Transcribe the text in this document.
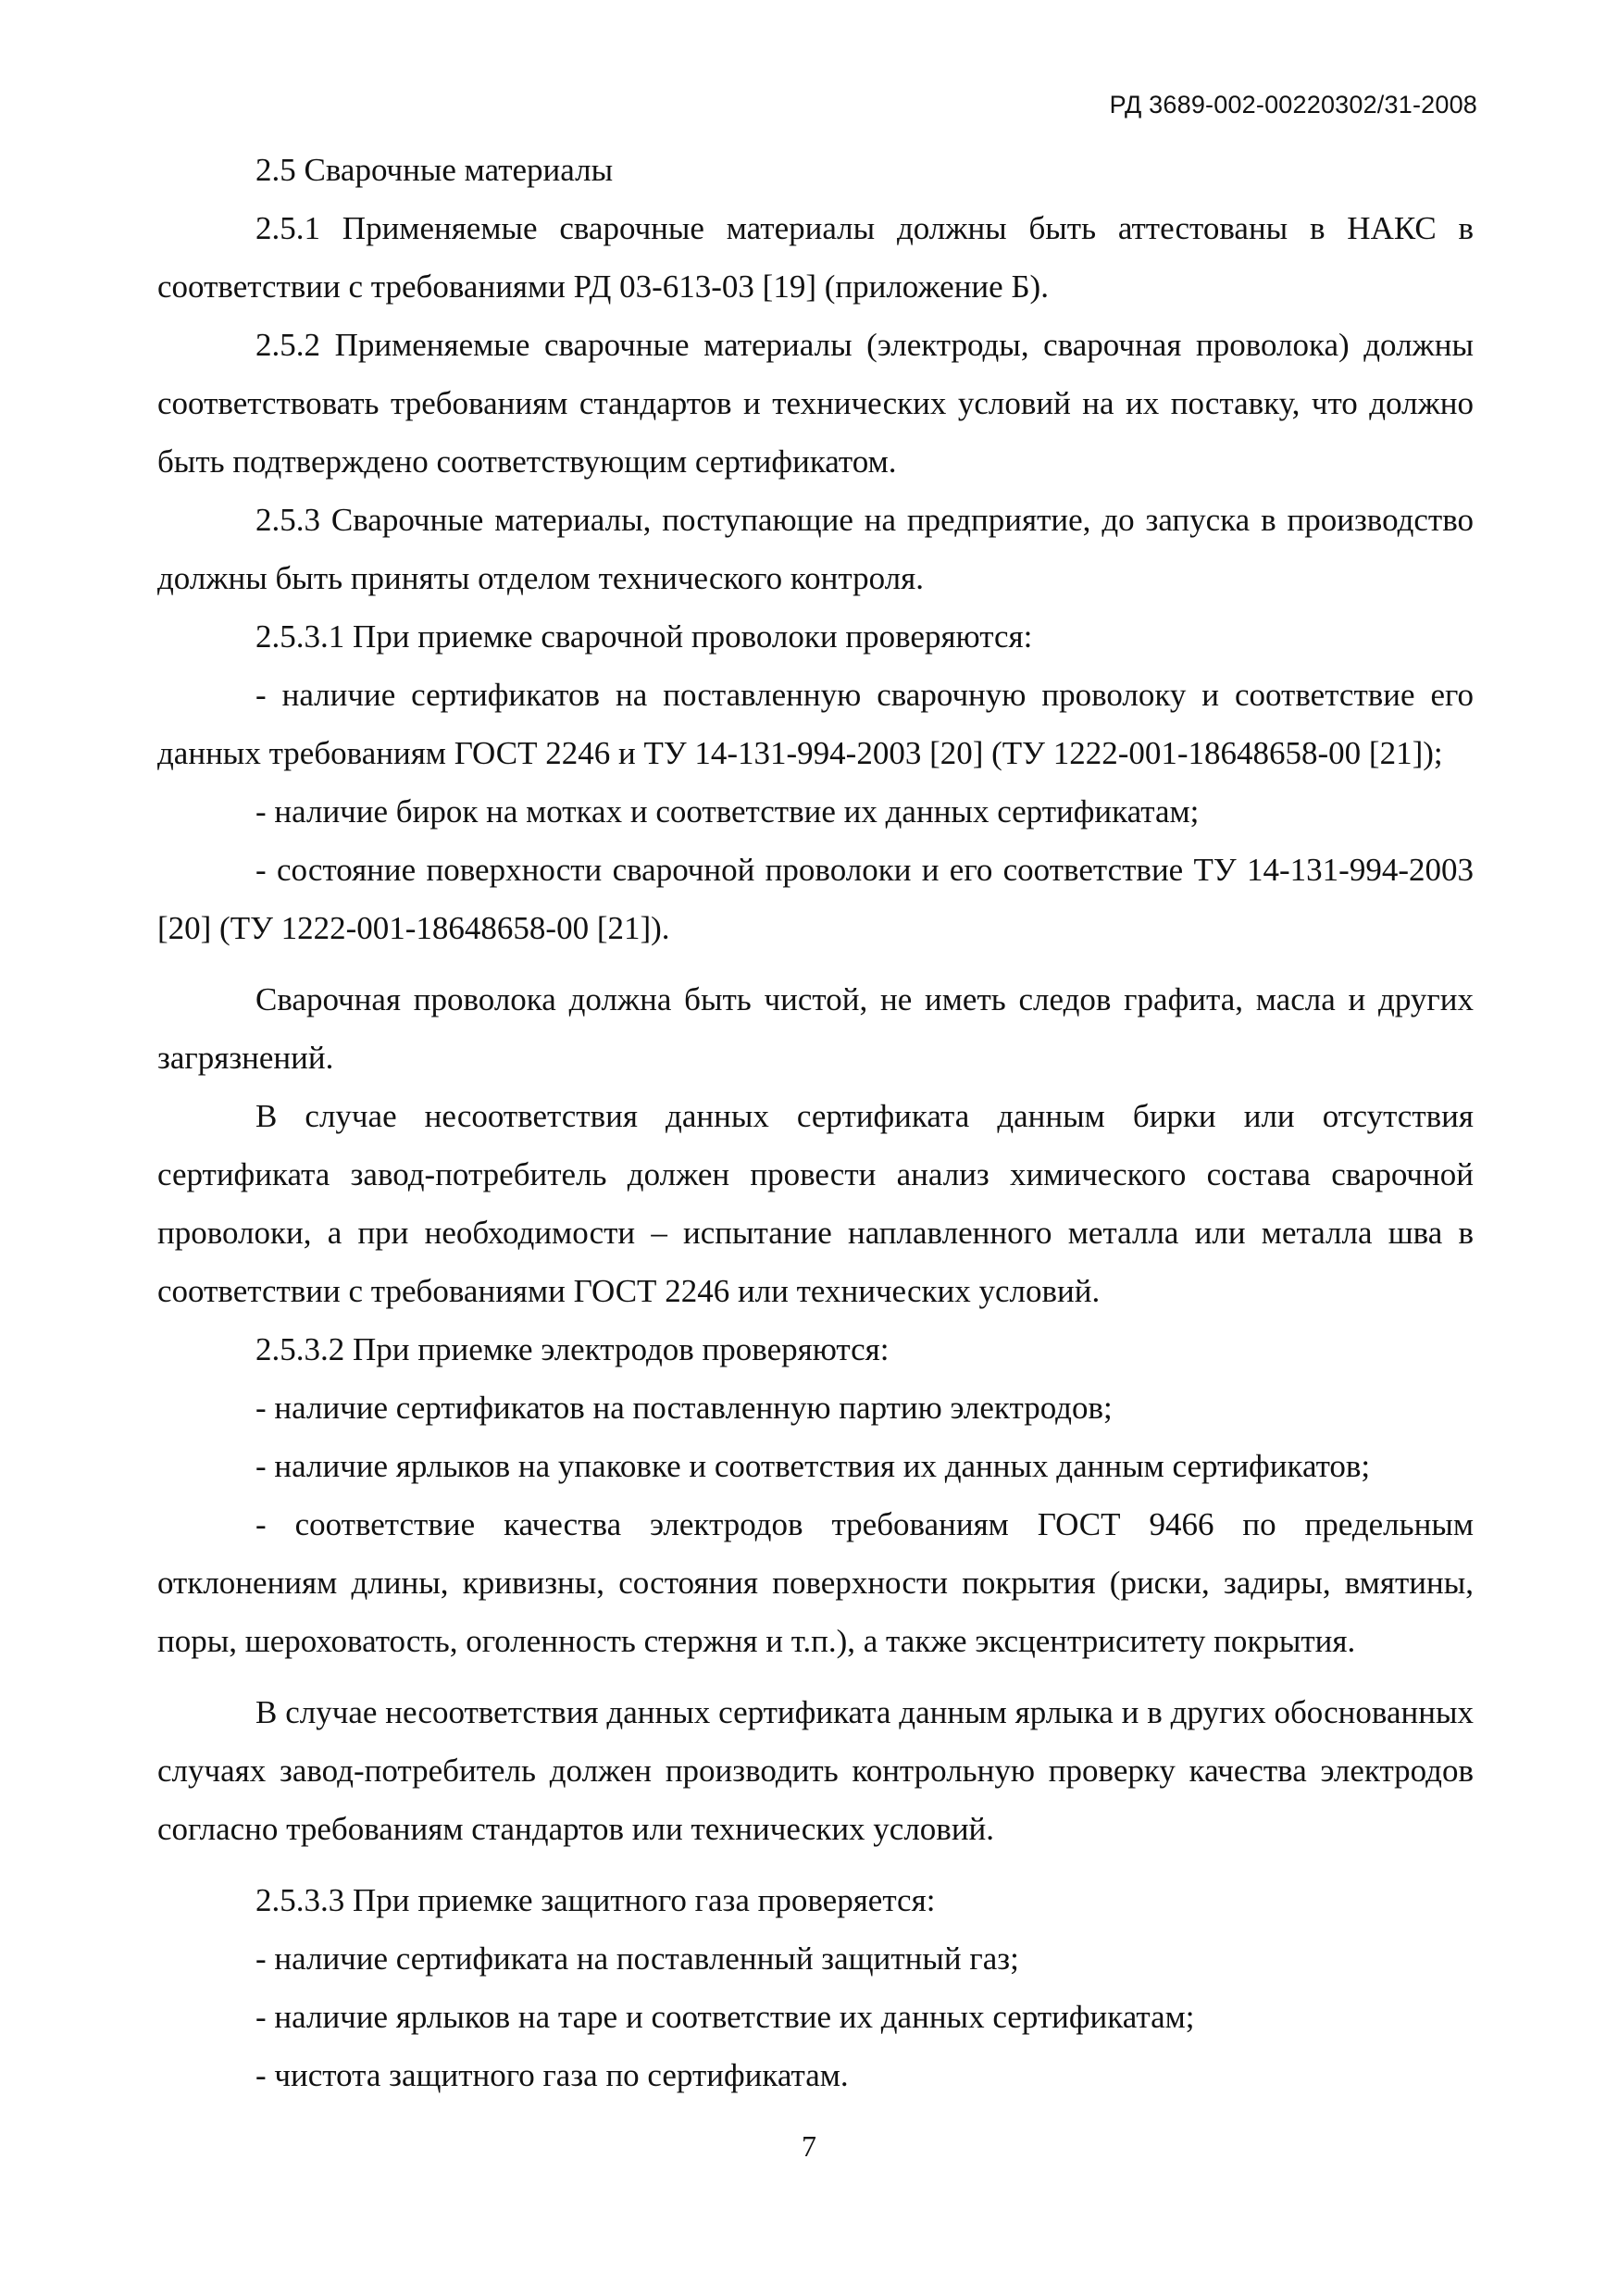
РД 3689-002-00220302/31-2008

2.5 Сварочные материалы

2.5.1 Применяемые сварочные материалы должны быть аттестованы в НАКС в соответствии с требованиями РД 03-613-03 [19] (приложение Б).

2.5.2 Применяемые сварочные материалы (электроды, сварочная проволока) должны соответствовать требованиям стандартов и технических условий на их поставку, что должно быть подтверждено соответствующим сертификатом.

2.5.3 Сварочные материалы, поступающие на предприятие, до запуска в производство должны быть приняты отделом технического контроля.

2.5.3.1 При приемке сварочной проволоки проверяются:

- наличие сертификатов на поставленную сварочную проволоку и соответствие его данных требованиям ГОСТ 2246 и ТУ 14-131-994-2003 [20] (ТУ 1222-001-18648658-00 [21]);

- наличие бирок на мотках и соответствие их данных сертификатам;

- состояние поверхности сварочной проволоки и его соответствие ТУ 14-131-994-2003 [20] (ТУ 1222-001-18648658-00 [21]).

Сварочная проволока должна быть чистой, не иметь следов графита, масла и других загрязнений.

В случае несоответствия данных сертификата данным бирки или отсутствия сертификата завод-потребитель должен провести анализ химического состава сварочной проволоки, а при необходимости – испытание наплавленного металла или металла шва в соответствии с требованиями ГОСТ 2246 или технических условий.

2.5.3.2 При приемке электродов проверяются:

- наличие сертификатов на поставленную партию электродов;

- наличие ярлыков на упаковке и соответствия их данных данным сертификатов;

- соответствие качества электродов требованиям ГОСТ 9466 по предельным отклонениям длины, кривизны, состояния поверхности покрытия (риски, задиры, вмятины, поры, шероховатость, оголенность стержня и т.п.), а также эксцентриситету покрытия.

В случае несоответствия данных сертификата данным ярлыка и в других обоснованных случаях завод-потребитель должен производить контрольную проверку качества электродов согласно требованиям стандартов или технических условий.

2.5.3.3 При приемке защитного газа проверяется:

- наличие сертификата на поставленный защитный газ;

- наличие ярлыков на таре и соответствие их данных сертификатам;

- чистота защитного газа по сертификатам.

7
